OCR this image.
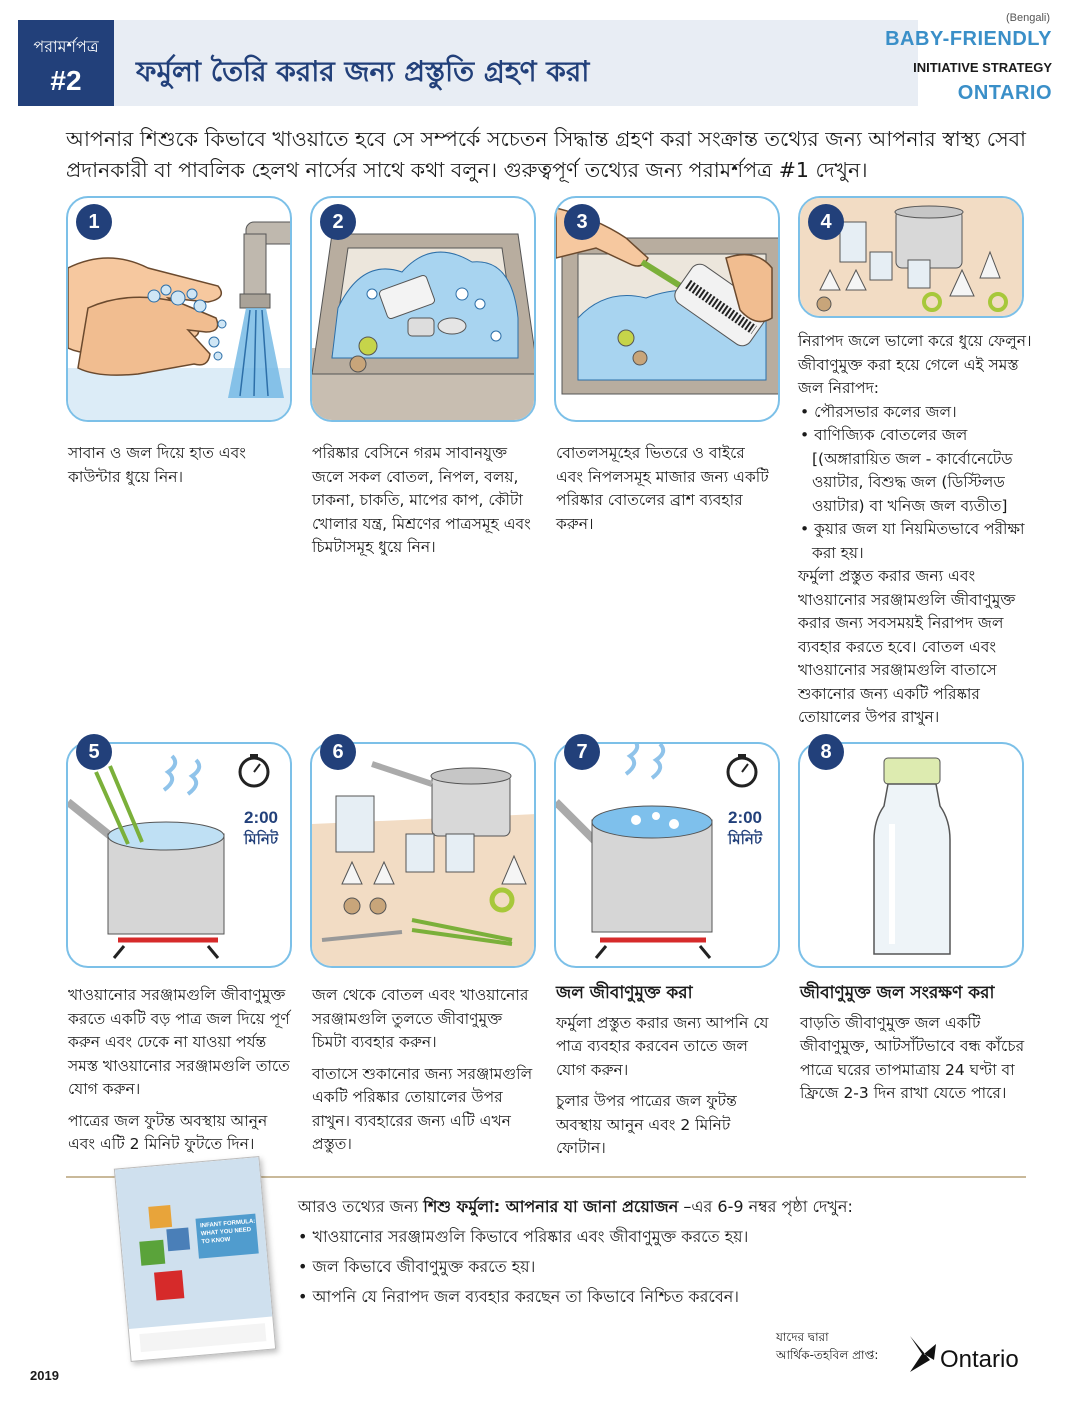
পরামর্শপত্র
#2	ফর্মুলা তৈরি করার জন্য প্রস্তুতি গ্রহণ করা
(Bengali)
BABY-FRIENDLY
INITIATIVE STRATEGY
ONTARIO
আপনার শিশুকে কিভাবে খাওয়াতে হবে সে সম্পর্কে সচেতন সিদ্ধান্ত গ্রহণ করা সংক্রান্ত তথ্যের জন্য আপনার স্বাস্থ্য সেবা প্রদানকারী বা পাবলিক হেলথ নার্সের সাথে কথা বলুন। গুরুত্বপূর্ণ তথ্যের জন্য পরামর্শপত্র #1 দেখুন।
1	2	3	4
সাবান ও জল দিয়ে হাত এবং কাউন্টার ধুয়ে নিন।
পরিষ্কার বেসিনে গরম সাবানযুক্ত জলে সকল বোতল, নিপল, বলয়, ঢাকনা, চাকতি, মাপের কাপ, কৌটা খোলার যন্ত্র, মিশ্রণের পাত্রসমূহ এবং চিমটাসমূহ ধুয়ে নিন।
বোতলসমূহের ভিতরে ও বাইরে এবং নিপলসমূহ মাজার জন্য একটি পরিষ্কার বোতলের ব্রাশ ব্যবহার করুন।

নিরাপদ জলে ভালো করে ধুয়ে ফেলুন। জীবাণুমুক্ত করা হয়ে গেলে এই সমস্ত জল নিরাপদ:

• পৌরসভার কলের জল।
• বাণিজ্যিক বোতলের জল [(অঙ্গারায়িত জল - কার্বোনেটেড ওয়াটার, বিশুদ্ধ জল (ডিস্টিলড ওয়াটার) বা খনিজ জল ব্যতীত]
• কুয়ার জল যা নিয়মিতভাবে পরীক্ষা করা হয়।

ফর্মুলা প্রস্তুত করার জন্য এবং খাওয়ানোর সরঞ্জামগুলি জীবাণুমুক্ত করার জন্য সবসময়ই নিরাপদ জল ব্যবহার করতে হবে। বোতল এবং খাওয়ানোর সরঞ্জামগুলি বাতাসে শুকানোর জন্য একটি পরিষ্কার তোয়ালের উপর রাখুন।

5
2:00
মিনিট
6	7
2:00
মিনিট
8

খাওয়ানোর সরঞ্জামগুলি জীবাণুমুক্ত করতে একটি বড় পাত্র জল দিয়ে পূর্ণ করুন এবং ঢেকে না যাওয়া পর্যন্ত সমস্ত খাওয়ানোর সরঞ্জামগুলি তাতে যোগ করুন।

পাত্রের জল ফুটন্ত অবস্থায় আনুন এবং এটি 2 মিনিট ফুটতে দিন।

জল থেকে বোতল এবং খাওয়ানোর সরঞ্জামগুলি তুলতে জীবাণুমুক্ত চিমটা ব্যবহার করুন।

বাতাসে শুকানোর জন্য সরঞ্জামগুলি একটি পরিষ্কার তোয়ালের উপর রাখুন। ব্যবহারের জন্য এটি এখন প্রস্তুত।

জল জীবাণুমুক্ত করা

ফর্মুলা প্রস্তুত করার জন্য আপনি যে পাত্র ব্যবহার করবেন তাতে জল যোগ করুন।

চুলার উপর পাত্রের জল ফুটন্ত অবস্থায় আনুন এবং 2 মিনিট ফোটান।

জীবাণুমুক্ত জল সংরক্ষণ করা

বাড়তি জীবাণুমুক্ত জল একটি জীবাণুমুক্ত, আটসাঁটভাবে বন্ধ কাঁচের পাত্রে ঘরের তাপমাত্রায় 24 ঘণ্টা বা ফ্রিজে 2-3 দিন রাখা যেতে পারে।

INFANT FORMULA: WHAT YOU NEED TO KNOW
আরও তথ্যের জন্য শিশু ফর্মুলা: আপনার যা জানা প্রয়োজন –এর 6-9 নম্বর পৃষ্ঠা দেখুন:
• খাওয়ানোর সরঞ্জামগুলি কিভাবে পরিষ্কার এবং জীবাণুমুক্ত করতে হয়।
• জল কিভাবে জীবাণুমুক্ত করতে হয়।
• আপনি যে নিরাপদ জল ব্যবহার করছেন তা কিভাবে নিশ্চিত করবেন।
যাদের দ্বারা
আর্থিক-তহবিল প্রাপ্ত:	Ontario
2019
